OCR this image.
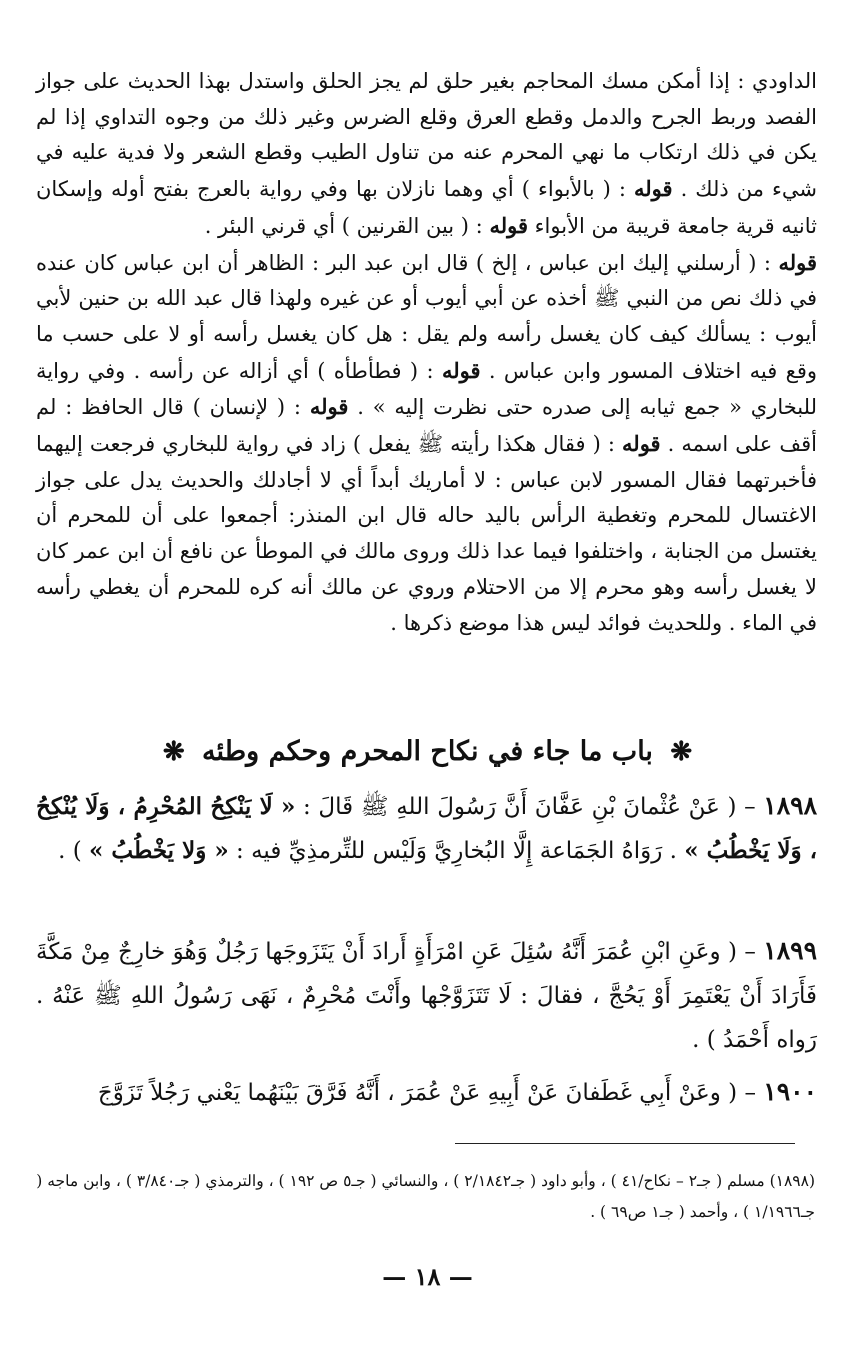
الداودي : إذا أمكن مسك المحاجم بغير حلق لم يجز الحلق واستدل بهذا الحديث على جواز الفصد وربط الجرح والدمل وقطع العرق وقلع الضرس وغير ذلك من وجوه التداوي إذا لم يكن في ذلك ارتكاب ما نهي المحرم عنه من تناول الطيب وقطع الشعر ولا فدية عليه في شيء من ذلك . قوله : ( بالأبواء ) أي وهما نازلان بها وفي رواية بالعرج بفتح أوله وإسكان ثانيه قرية جامعة قريبة من الأبواء قوله : ( بين القرنين ) أي قرني البئر .

قوله : ( أرسلني إليك ابن عباس ، إلخ ) قال ابن عبد البر : الظاهر أن ابن عباس كان عنده في ذلك نص من النبي ﷺ أخذه عن أبي أيوب أو عن غيره ولهذا قال عبد الله بن حنين لأبي أيوب : يسألك كيف كان يغسل رأسه ولم يقل : هل كان يغسل رأسه أو لا على حسب ما وقع فيه اختلاف المسور وابن عباس . قوله : ( فطأطأه ) أي أزاله عن رأسه . وفي رواية للبخاري « جمع ثيابه إلى صدره حتى نظرت إليه » . قوله : ( لإنسان ) قال الحافظ : لم أقف على اسمه . قوله : ( فقال هكذا رأيته ﷺ يفعل ) زاد في رواية للبخاري فرجعت إليهما فأخبرتهما فقال المسور لابن عباس : لا أماريك أبداً أي لا أجادلك والحديث يدل على جواز الاغتسال للمحرم وتغطية الرأس باليد حاله قال ابن المنذر: أجمعوا على أن للمحرم أن يغتسل من الجنابة ، واختلفوا فيما عدا ذلك وروى مالك في الموطأ عن نافع أن ابن عمر كان لا يغسل رأسه وهو محرم إلا من الاحتلام وروي عن مالك أنه كره للمحرم أن يغطي رأسه في الماء . وللحديث فوائد ليس هذا موضع ذكرها .

❋ باب ما جاء في نكاح المحرم وحكم وطئه ❋

١٨٩٨ – ( عَنْ عُثْمانَ بْنِ عَفَّانَ أَنَّ رَسُولَ اللهِ ﷺ قَالَ : « لَا يَنْكِحُ المُحْرِمُ ، وَلَا يُنْكِحُ ، وَلَا يَخْطُبُ » . رَوَاهُ الجَمَاعة إِلَّا البُخارِيَّ وَلَيْس للتِّرمذِيِّ فيه : « وَلا يَخْطُبُ » ) .

١٨٩٩ – ( وعَنِ ابْنِ عُمَرَ أَنَّهُ سُئِلَ عَنِ امْرَأَةٍ أَرادَ أَنْ يَتَزَوجَها رَجُلٌ وَهُوَ خارِجٌ مِنْ مَكَّةَ فَأَرَادَ أَنْ يَعْتَمِرَ أَوْ يَحُجَّ ، فقالَ : لَا تَتَزَوَّجْها وأَنْتَ مُحْرِمٌ ، نَهَى رَسُولُ اللهِ ﷺ عَنْهُ . رَواه أَحْمَدُ ) .

١٩٠٠ – ( وعَنْ أَبِي غَطَفانَ عَنْ أَبِيهِ عَنْ عُمَرَ ، أَنَّهُ فَرَّقَ بَيْنَهُما يَعْني رَجُلاً تَزَوَّجَ

(١٨٩٨) مسلم ( جـ٢ – نكاح/٤١ ) ، وأبو داود ( جـ٢/١٨٤٢ ) ، والنسائي ( جـ٥ ص ١٩٢ ) ، والترمذي ( جـ٣/٨٤٠ ) ، وابن ماجه ( جـ١/١٩٦٦ ) ، وأحمد ( جـ١ ص٦٩ ) .

— ١٨ —
